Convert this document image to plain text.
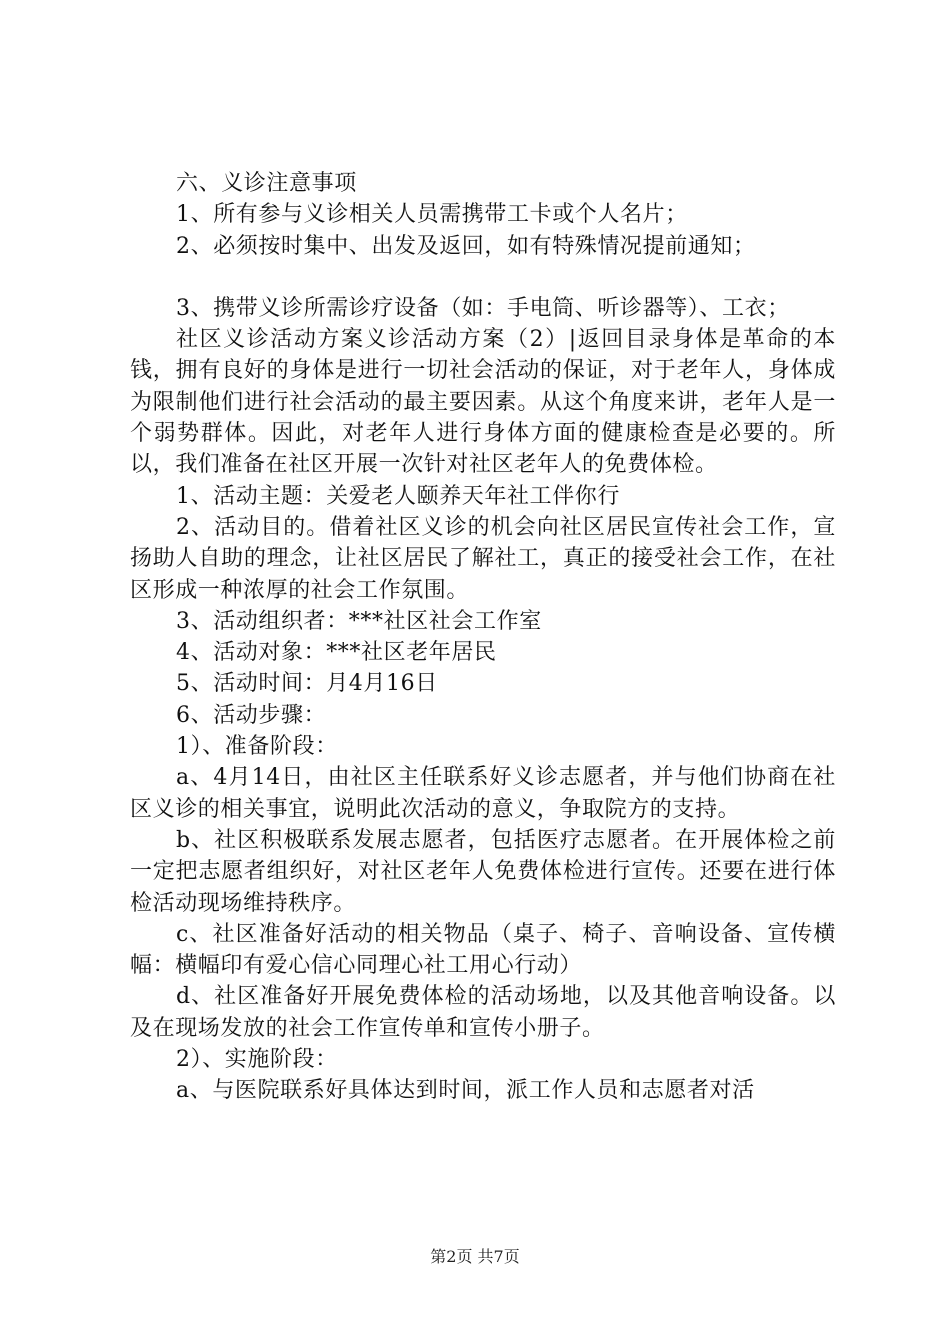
六、义诊注意事项

1、所有参与义诊相关人员需携带工卡或个人名片；

2、必须按时集中、出发及返回，如有特殊情况提前通知；

3、携带义诊所需诊疗设备（如：手电筒、听诊器等）、工衣；

社区义诊活动方案义诊活动方案（2）|返回目录身体是革命的本钱，拥有良好的身体是进行一切社会活动的保证，对于老年人，身体成为限制他们进行社会活动的最主要因素。从这个角度来讲，老年人是一个弱势群体。因此，对老年人进行身体方面的健康检查是必要的。所以，我们准备在社区开展一次针对社区老年人的免费体检。

1、活动主题：关爱老人颐养天年社工伴你行

2、活动目的。借着社区义诊的机会向社区居民宣传社会工作，宣扬助人自助的理念，让社区居民了解社工，真正的接受社会工作，在社区形成一种浓厚的社会工作氛围。

3、活动组织者：***社区社会工作室

4、活动对象：***社区老年居民

5、活动时间：月4月16日

6、活动步骤：

1）、准备阶段：

a、4月14日，由社区主任联系好义诊志愿者，并与他们协商在社区义诊的相关事宜，说明此次活动的意义，争取院方的支持。

b、社区积极联系发展志愿者，包括医疗志愿者。在开展体检之前一定把志愿者组织好，对社区老年人免费体检进行宣传。还要在进行体检活动现场维持秩序。

c、社区准备好活动的相关物品（桌子、椅子、音响设备、宣传横幅：横幅印有爱心信心同理心社工用心行动）

d、社区准备好开展免费体检的活动场地，以及其他音响设备。以及在现场发放的社会工作宣传单和宣传小册子。

2）、实施阶段：

a、与医院联系好具体达到时间，派工作人员和志愿者对活

第2页 共7页
